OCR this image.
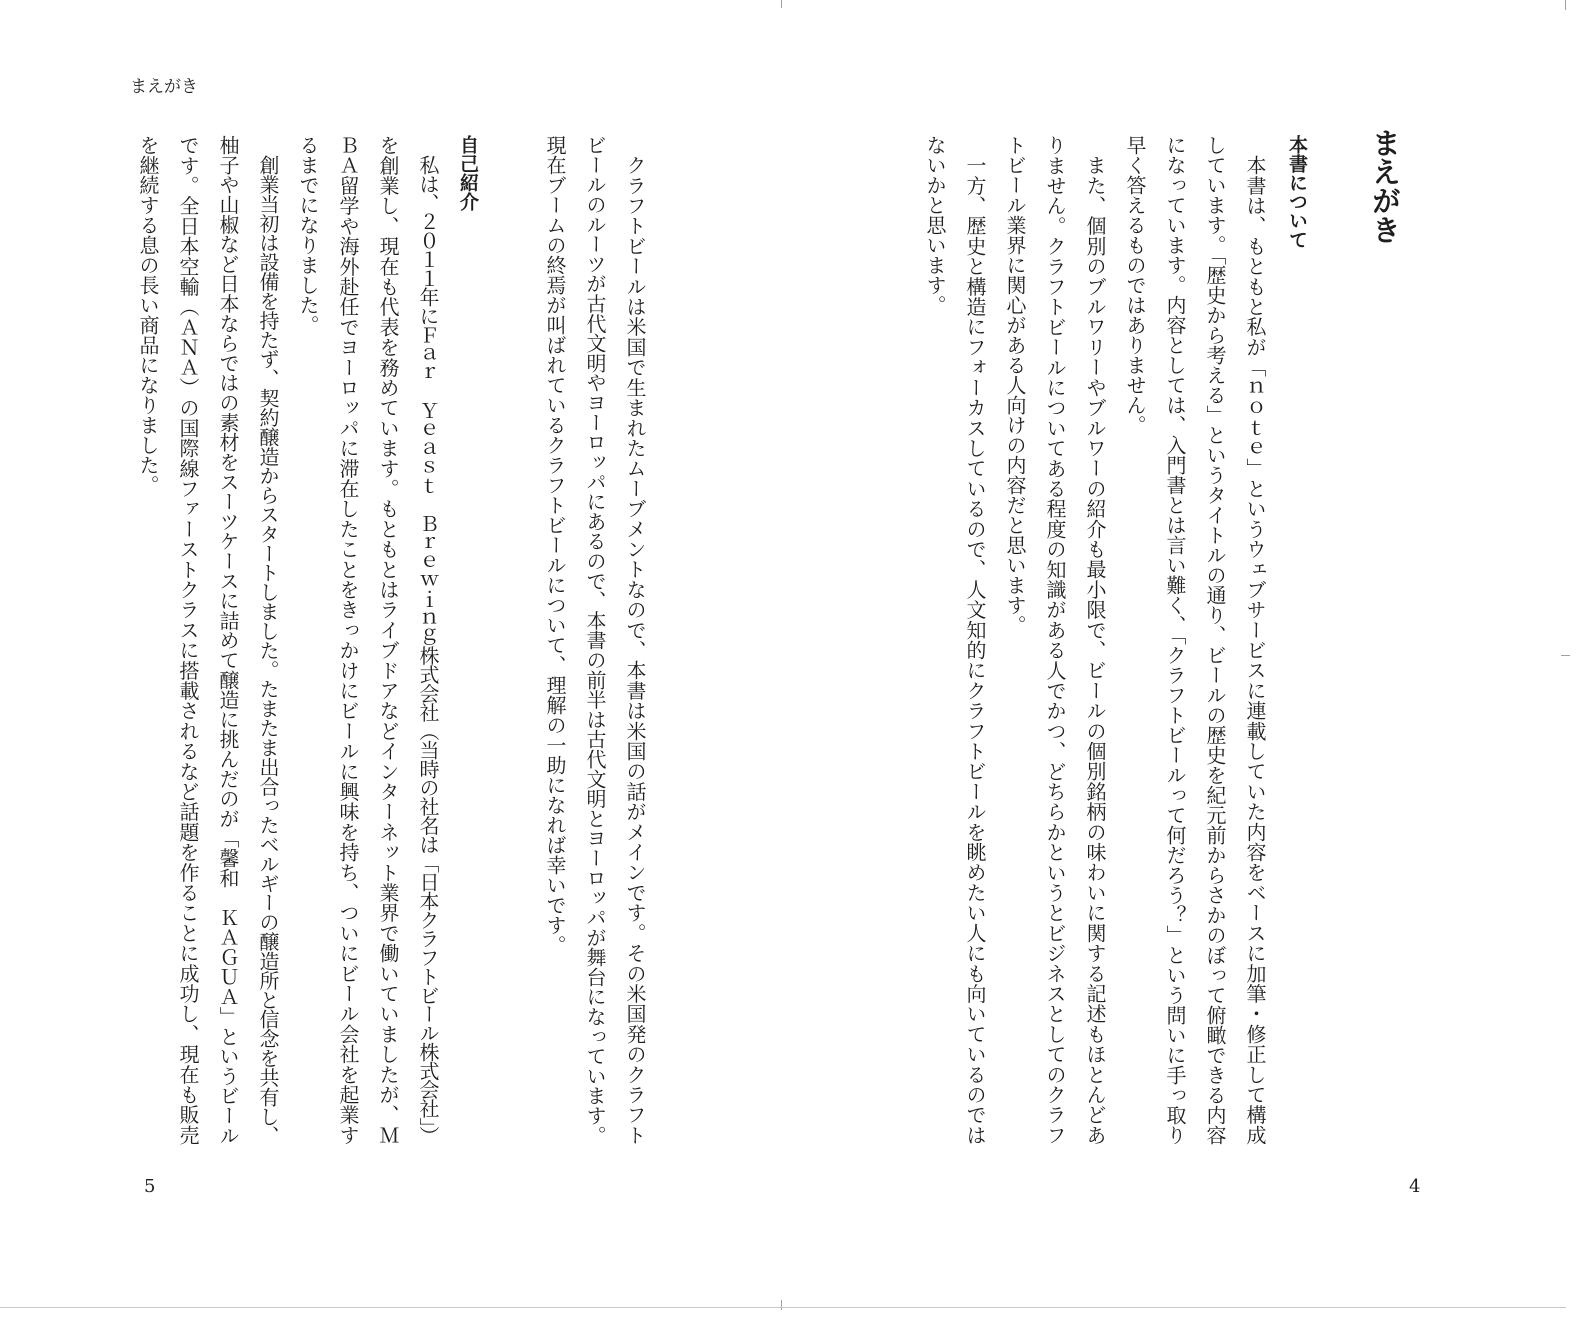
まえがき
クラフトビールは米国で生まれたムーブメントなので、本書は米国の話がメインです。その米国発のクラフト
ビールのルーツが古代文明やヨーロッパにあるので、本書の前半は古代文明とヨーロッパが舞台になっています。
現在ブームの終焉が叫ばれているクラフトビールについて、理解の一助になれば幸いです。
自己紹介
私は、２０１１年にＦａｒ　Ｙｅａｓｔ　Ｂｒｅｗｉｎｇ株式会社（当時の社名は「日本クラフトビール株式会社」）
を創業し、現在も代表を務めています。もともとはライブドアなどインターネット業界で働いていましたが、Ｍ
ＢＡ留学や海外赴任でヨーロッパに滞在したことをきっかけにビールに興味を持ち、ついにビール会社を起業す
るまでになりました。
創業当初は設備を持たず、契約醸造からスタートしました。たまたま出合ったベルギーの醸造所と信念を共有し、
柚子や山椒など日本ならではの素材をスーツケースに詰めて醸造に挑んだのが「馨和　ＫＡＧＵＡ」というビール
です。全日本空輸（ＡＮＡ）の国際線ファーストクラスに搭載されるなど話題を作ることに成功し、現在も販売
を継続する息の長い商品になりました。
5
まえがき
本書について
本書は、もともと私が「ｎｏｔｅ」というウェブサービスに連載していた内容をベースに加筆・修正して構成
しています。「歴史から考える」というタイトルの通り、ビールの歴史を紀元前からさかのぼって俯瞰できる内容
になっています。内容としては、入門書とは言い難く、「クラフトビールって何だろう？」という問いに手っ取り
早く答えるものではありません。
また、個別のブルワリーやブルワーの紹介も最小限で、ビールの個別銘柄の味わいに関する記述もほとんどあ
りません。クラフトビールについてある程度の知識がある人でかつ、どちらかというとビジネスとしてのクラフ
トビール業界に関心がある人向けの内容だと思います。
一方、歴史と構造にフォーカスしているので、人文知的にクラフトビールを眺めたい人にも向いているのでは
ないかと思います。
4
